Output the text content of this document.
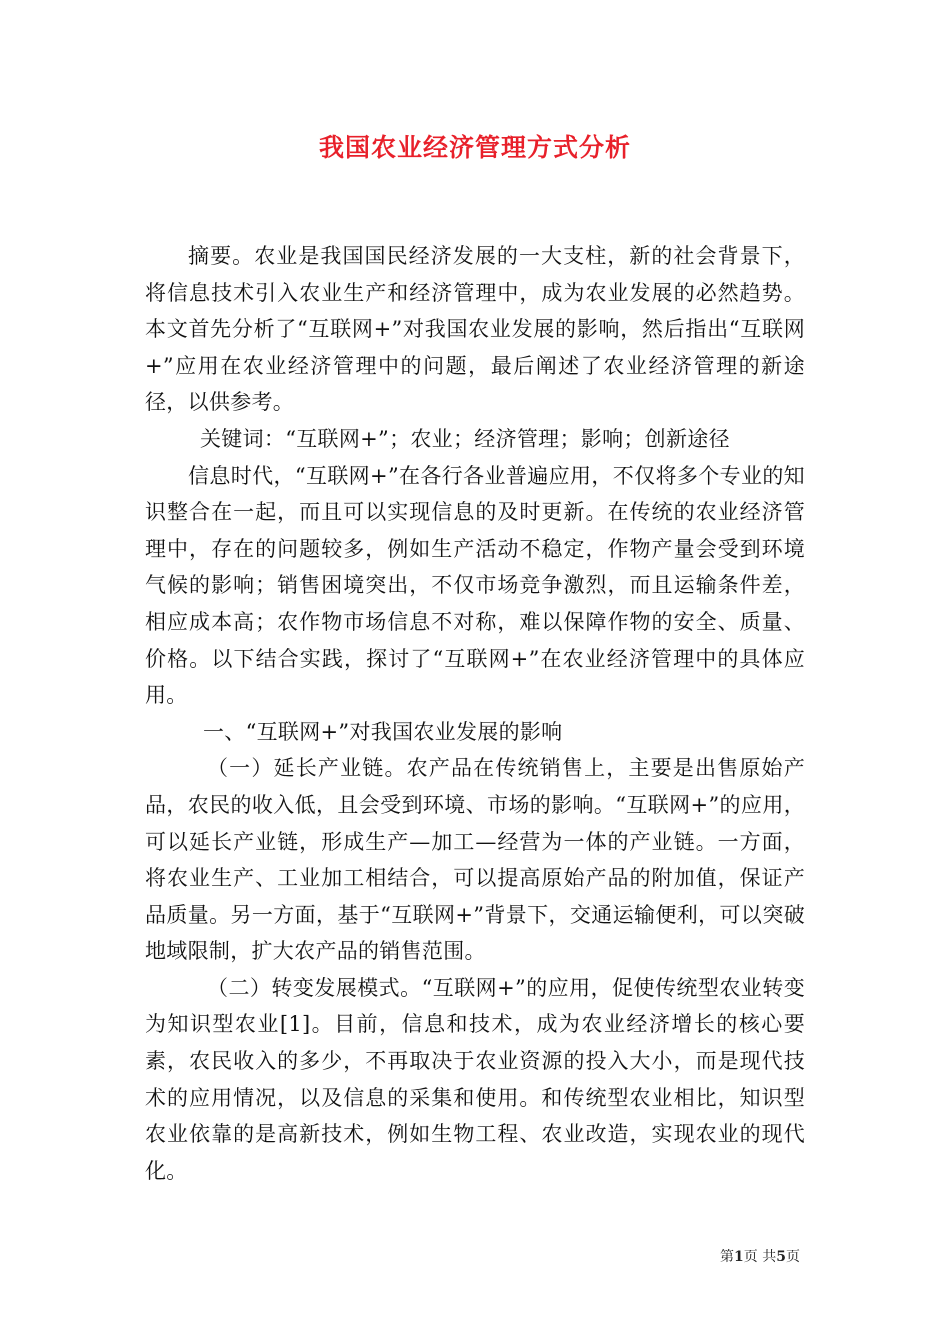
我国农业经济管理方式分析

摘要。农业是我国国民经济发展的一大支柱，新的社会背景下，将信息技术引入农业生产和经济管理中，成为农业发展的必然趋势。本文首先分析了“互联网+”对我国农业发展的影响，然后指出“互联网+”应用在农业经济管理中的问题，最后阐述了农业经济管理的新途径，以供参考。

关键词：“互联网+”；农业；经济管理；影响；创新途径

信息时代，“互联网+”在各行各业普遍应用，不仅将多个专业的知识整合在一起，而且可以实现信息的及时更新。在传统的农业经济管理中，存在的问题较多，例如生产活动不稳定，作物产量会受到环境气候的影响；销售困境突出，不仅市场竞争激烈，而且运输条件差，相应成本高；农作物市场信息不对称，难以保障作物的安全、质量、价格。以下结合实践，探讨了“互联网+”在农业经济管理中的具体应用。

一、“互联网+”对我国农业发展的影响

（一）延长产业链。农产品在传统销售上，主要是出售原始产品，农民的收入低，且会受到环境、市场的影响。“互联网+”的应用，可以延长产业链，形成生产—加工—经营为一体的产业链。一方面，将农业生产、工业加工相结合，可以提高原始产品的附加值，保证产品质量。另一方面，基于“互联网+”背景下，交通运输便利，可以突破地域限制，扩大农产品的销售范围。

（二）转变发展模式。“互联网+”的应用，促使传统型农业转变为知识型农业[1]。目前，信息和技术，成为农业经济增长的核心要素，农民收入的多少，不再取决于农业资源的投入大小，而是现代技术的应用情况，以及信息的采集和使用。和传统型农业相比，知识型农业依靠的是高新技术，例如生物工程、农业改造，实现农业的现代化。

第1页 共5页
